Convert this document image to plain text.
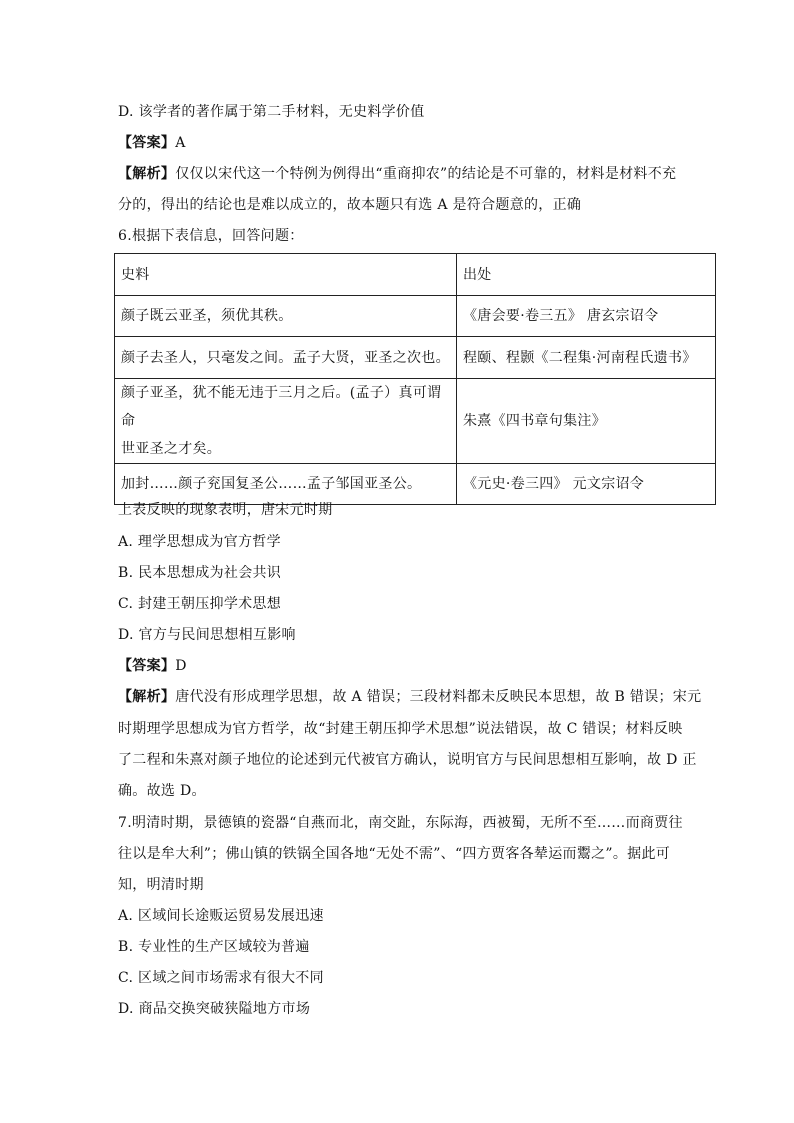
D. 该学者的著作属于第二手材料，无史料学价值
【答案】A
【解析】仅仅以宋代这一个特例为例得出“重商抑农”的结论是不可靠的，材料是材料不充
分的，得出的结论也是难以成立的，故本题只有选 A 是符合题意的，正确
6.根据下表信息，回答问题：
史料	出处
颜子既云亚圣，须优其秩。	《唐会要·卷三五》 唐玄宗诏令
颜子去圣人，只毫发之间。孟子大贤，亚圣之次也。	程颐、程颢《二程集·河南程氏遗书》

颜子亚圣，犹不能无违于三月之后。(孟子）真可谓命
世亚圣之才矣。	朱熹《四书章句集注》
加封……颜子兖国复圣公……孟子邹国亚圣公。	《元史·卷三四》 元文宗诏令
上表反映的现象表明，唐宋元时期
A. 理学思想成为官方哲学
B. 民本思想成为社会共识
C. 封建王朝压抑学术思想
D. 官方与民间思想相互影响
【答案】D
【解析】唐代没有形成理学思想，故 A 错误；三段材料都未反映民本思想，故 B 错误；宋元
时期理学思想成为官方哲学，故“封建王朝压抑学术思想”说法错误，故 C 错误；材料反映
了二程和朱熹对颜子地位的论述到元代被官方确认，说明官方与民间思想相互影响，故 D 正
确。故选 D。
7.明清时期，景德镇的瓷器“自燕而北，南交趾，东际海，西被蜀，无所不至……而商贾往
往以是牟大利”；佛山镇的铁锅全国各地“无处不需”、“四方贾客各辇运而鬻之”。据此可
知，明清时期
A. 区域间长途贩运贸易发展迅速
B. 专业性的生产区域较为普遍
C. 区域之间市场需求有很大不同
D. 商品交换突破狭隘地方市场
